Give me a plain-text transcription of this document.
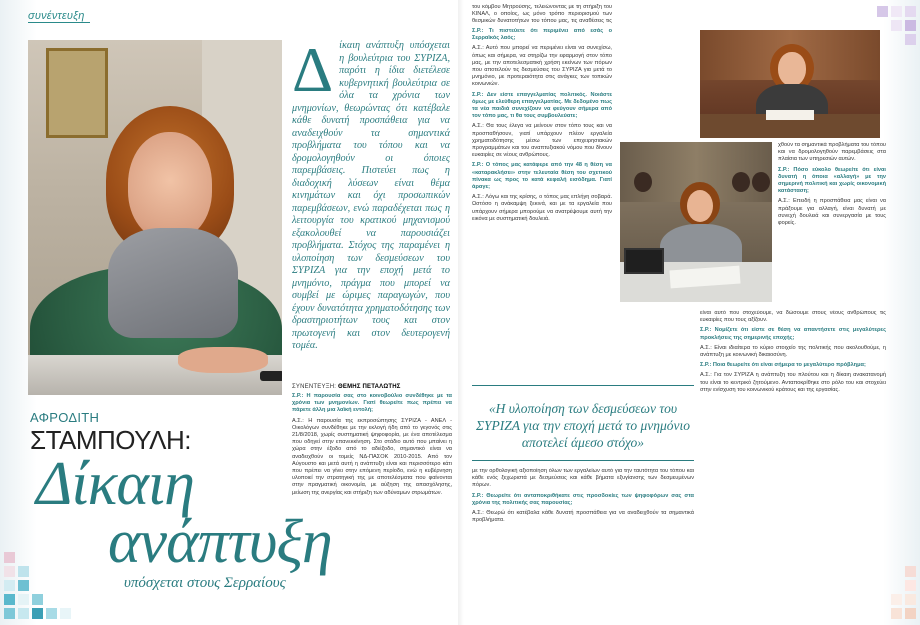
συνέντευξη
Δ ίκαιη ανάπτυξη υπόσχεται η βουλεύτρια του ΣΥΡΙΖΑ, παρότι η ίδια διετέλεσε κυβερνητική βουλεύτρια σε όλα τα χρόνια των μνημονίων, θεωρώντας ότι κατέβαλε κάθε δυνατή προσπάθεια για να αναδειχθούν τα σημαντικά προβλήματα του τόπου και να δρομολογηθούν οι όποιες παρεμβάσεις. Πιστεύει πως η διαδοχική λύσεων είναι θέμα κινημάτων και όχι προσωπικών παρεμβάσεων, ενώ παραδέχεται πως η λειτουργία του κρατικού μηχανισμού εξακολουθεί να παρουσιάζει προβλήματα. Στόχος της παραμένει η υλοποίηση των δεσμεύσεων του ΣΥΡΙΖΑ για την εποχή μετά το μνημόνιο, πράγμα που μπορεί να συμβεί με ώριμες παραγωγών, που έχουν δυνατότητα χρηματοδότησης των δραστηριοτήτων τους και στον πρωτογενή και στον δευτερογενή τομέα.
ΑΦΡΟΔΙΤΗ
ΣΤΑΜΠΟΥΛΗ:
Δίκαιη
ανάπτυξη
υπόσχεται στους Σερραίους
ΣΥΝΕΝΤΕΥΞΗ: ΘΕΜΗΣ ΠΕΤΑΛΩΤΗΣ

Σ.Ρ.: Η παρουσία σας στο κοινοβούλιο συνδέθηκε με τα χρόνια των μνημονίων. Γιατί θεωρείτε πως πρέπει να πάρετε άλλη μια λαϊκή εντολή;

Α.Σ.: Η παρουσία της εκπροσώπησης ΣΥΡΙΖΑ - ΑΝΕΛ - Οικολόγων συνδέθηκε με την εκλογή ήδη από το γεγονός στις 21/8/2018, χωρίς συστηματική ψηφοφορία, με ένα αποτέλεσμα που οδηγεί στην επανεκκίνηση. Στο στάδιο αυτό που μπαίνει η χώρα στην έξοδο από το αδιέξοδο, σημαντικό είναι να αναδειχθούν οι τομείς ΝΔ-ΠΑΣΟΚ 2010-2015. Από τον Αύγουστο και μετά αυτή η ανάπτυξη είναι και περισσότερο κάτι που πρέπει να γίνει στην επόμενη περίοδο, ενώ η κυβέρνηση υλοποιεί την στρατηγική της με αποτελέσματα που φαίνονται στην πραγματική οικονομία, με αύξηση της απασχόλησης, μείωση της ανεργίας και στήριξη των αδύναμων στρωμάτων.

του κόμβου Μητρούσης, τελειώνοντας με τη στήριξη του ΚΙΝΑΛ, ο οποίος, ως μόνο τρόπο περιορισμού των θεσμικών δυνατοτήτων του τόπου μας, τις αναθέσεις τις

Σ.Ρ.: Τι πιστεύετε ότι περιμένει από εσάς ο Σερραϊκός λαός;

Α.Σ.: Αυτό που μπορεί να περιμένει είναι να συνεχίσω, όπως και σήμερα, να στηρίζω την εφαρμογή στον τόπο μας, με την αποτελεσματική χρήση εκείνων των πόρων που αποτελούν τις δεσμεύσεις του ΣΥΡΙΖΑ για μετά το μνημόνιο, με προτεραιότητα στις ανάγκες των τοπικών κοινωνιών.

Σ.Ρ.: Δεν είστε επαγγελματίας πολιτικός. Νοιάστε όμως με ελεύθερη επαγγελματίας. Με δεδομένο πως τα νέα παιδιά συνεχίζουν να φεύγουν σήμερα από τον τόπο μας, τι θα τους συμβουλεύατε;

Α.Σ.: Θα τους έλεγα να μείνουν στον τόπο τους και να προσπαθήσουν, γιατί υπάρχουν πλέον εργαλεία χρηματοδότησης μέσω των επιχειρησιακών προγραμμάτων και του αναπτυξιακού νόμου που δίνουν ευκαιρίες σε νέους ανθρώπους.

Σ.Ρ.: Ο τόπος μας κατάφερε από την 48 η θέση να «καταρακλήσει» στην τελευταία θέση του σχετικού πίνακα ως προς το κατά κεφαλή εισόδημα. Γιατί άραγε;

Α.Σ.: Λόγω και της κρίσης, ο τόπος μας επλήγη σοβαρά. Ωστόσο η ανάκαμψη ξεκινά, και με τα εργαλεία που υπάρχουν σήμερα μπορούμε να ανατρέψουμε αυτή την εικόνα με συστηματική δουλειά.

χθούν τα σημαντικά προβλήματα του τόπου και να δρομολογηθούν παρεμβάσεις στα πλαίσια των υπηρεσιών αυτών.

Σ.Ρ.: Πόσο εύκολο θεωρείτε ότι είναι δυνατή η όποια «αλλαγή» με την σημερινή πολιτική και χωρίς οικονομική κατάσταση;

Α.Σ.: Επειδή η προσπάθεια μας είναι να πράξουμε για αλλαγή, είναι δυνατή με συνεχή δουλειά και συνεργασία με τους φορείς.

«Η υλοποίηση των δεσμεύσεων του ΣΥΡΙΖΑ για την εποχή μετά το μνημόνιο αποτελεί άμεσο στόχο»

με την ορθολογική αξιοποίηση όλων των εργαλείων αυτό για την ταυτότητα του τόπου και κάθε ενός ξεχωριστά με δεσμεύσεις και κάθε βήματα εξυγίανσης των δεσμευμένων πόρων.

Σ.Ρ.: Θεωρείτε ότι ανταποκριθήκατε στις προσδοκίες των ψηφοφόρων σας στα χρόνια της πολιτικής σας παρουσίας;

Α.Σ.: Θεωρώ ότι κατέβαλα κάθε δυνατή προσπάθεια για να αναδειχθούν τα σημαντικά προβλήματα.

είναι αυτό που στοχεύουμε, να δώσουμε στους νέους ανθρώπους τις ευκαιρίες που τους αξίζουν.

Σ.Ρ.: Νομίζετε ότι είστε σε θέση να απαντήσετε στις μεγαλύτερες προκλήσεις της σημερινής εποχής;

Α.Σ.: Είναι ιδιαίτερα το κύριο στοιχείο της πολιτικής που ακολουθούμε, η ανάπτυξη με κοινωνική δικαιοσύνη.

Σ.Ρ.: Ποια θεωρείτε ότι είναι σήμερα το μεγαλύτερο πρόβλημα;

Α.Σ.: Για τον ΣΥΡΙΖΑ η ανάπτυξη του πλούτου και η δίκαιη ανακατανομή του είναι το κεντρικό ζητούμενο. Ανταποκρίθηκε στο ρόλο του και στοχεύει στην ενίσχυση του κοινωνικού κράτους και της εργασίας.
